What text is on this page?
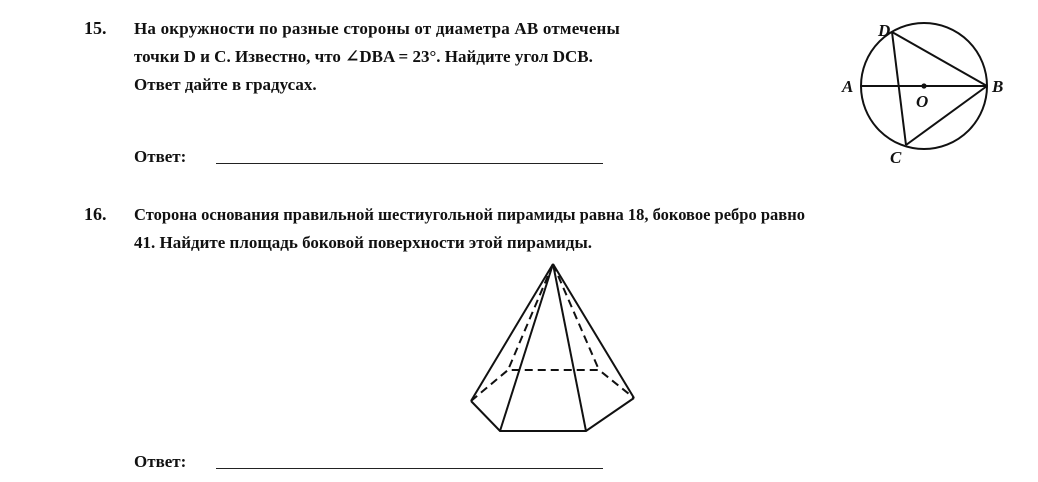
15. На окружности по разные стороны от диаметра AB отмечены
точки D и C. Известно, что ∠DBA = 23°. Найдите угол DCB.
Ответ дайте в градусах.
Ответ:
D
A	B
O
C
16. Сторона основания правильной шестиугольной пирамиды равна 18, боковое ребро равно
41. Найдите площадь боковой поверхности этой пирамиды.
Ответ:
